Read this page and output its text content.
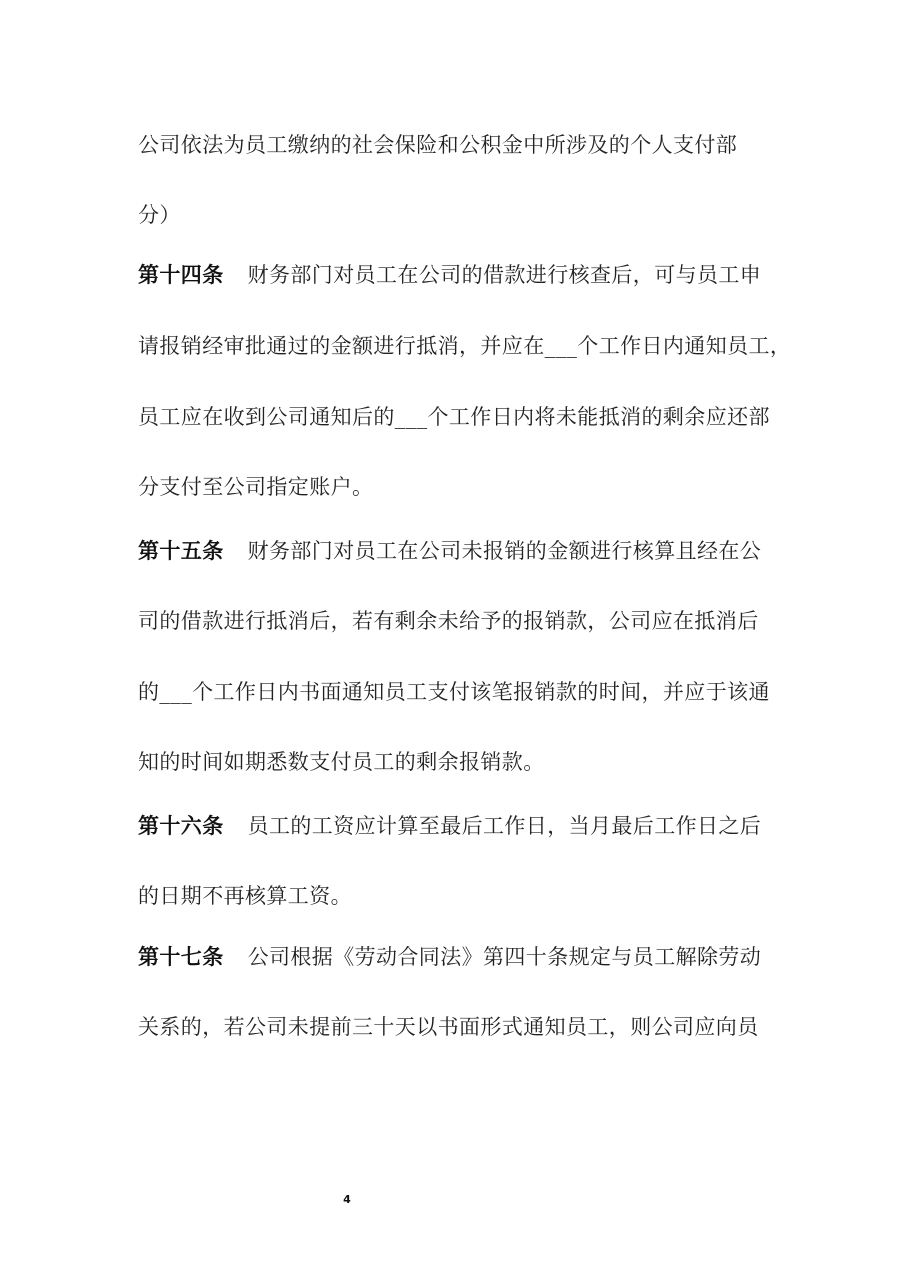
公司依法为员工缴纳的社会保险和公积金中所涉及的个人支付部
分）
第十四条 财务部门对员工在公司的借款进行核查后，可与员工申
请报销经审批通过的金额进行抵消，并应在___个工作日内通知员工，
员工应在收到公司通知后的___个工作日内将未能抵消的剩余应还部
分支付至公司指定账户。
第十五条 财务部门对员工在公司未报销的金额进行核算且经在公
司的借款进行抵消后，若有剩余未给予的报销款，公司应在抵消后
的___个工作日内书面通知员工支付该笔报销款的时间，并应于该通
知的时间如期悉数支付员工的剩余报销款。
第十六条 员工的工资应计算至最后工作日，当月最后工作日之后
的日期不再核算工资。
第十七条 公司根据《劳动合同法》第四十条规定与员工解除劳动
关系的，若公司未提前三十天以书面形式通知员工，则公司应向员
4
